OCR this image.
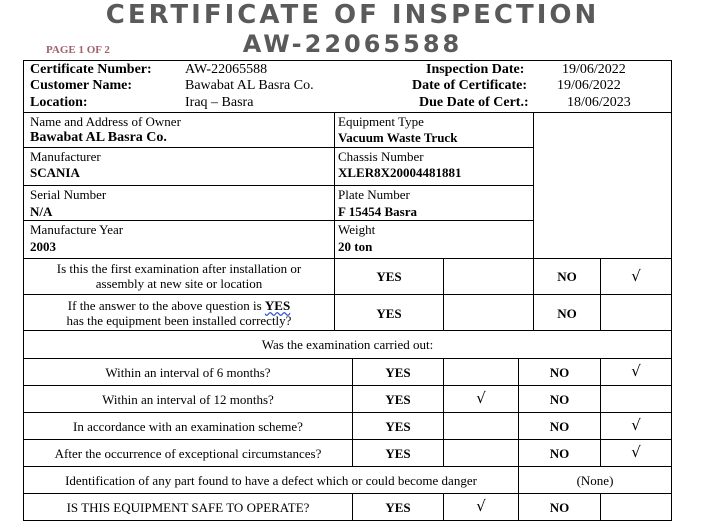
CERTIFICATE OF INSPECTION
AW-22065588
PAGE 1 OF 2
Certificate Number: AW-22065588
Customer Name:	Bawabat AL Basra Co.
Location:	Iraq – Basra
Inspection Date:	19/06/2022
Date of Certificate: 19/06/2022
Due Date of Cert.:	18/06/2023
Name and Address of Owner
Bawabat AL Basra Co.
Equipment Type
Vacuum Waste Truck
Manufacturer
SCANIA
Chassis Number
XLER8X20004481881
Serial Number
N/A
Plate Number
F 15454 Basra
Manufacture Year
2003
Weight
20 ton
Is this the first examination after installation or
assembly at new site or location	YES	NO	√
If the answer to the above question is YES
has the equipment been installed correctly?	YES	NO
Was the examination carried out:
Within an interval of 6 months?	YES	NO	√
Within an interval of 12 months?	YES	√	NO
In accordance with an examination scheme?	YES	NO	√
After the occurrence of exceptional circumstances?	YES	NO	√
Identification of any part found to have a defect which or could become danger	(None)
IS THIS EQUIPMENT SAFE TO OPERATE?	YES	√	NO
